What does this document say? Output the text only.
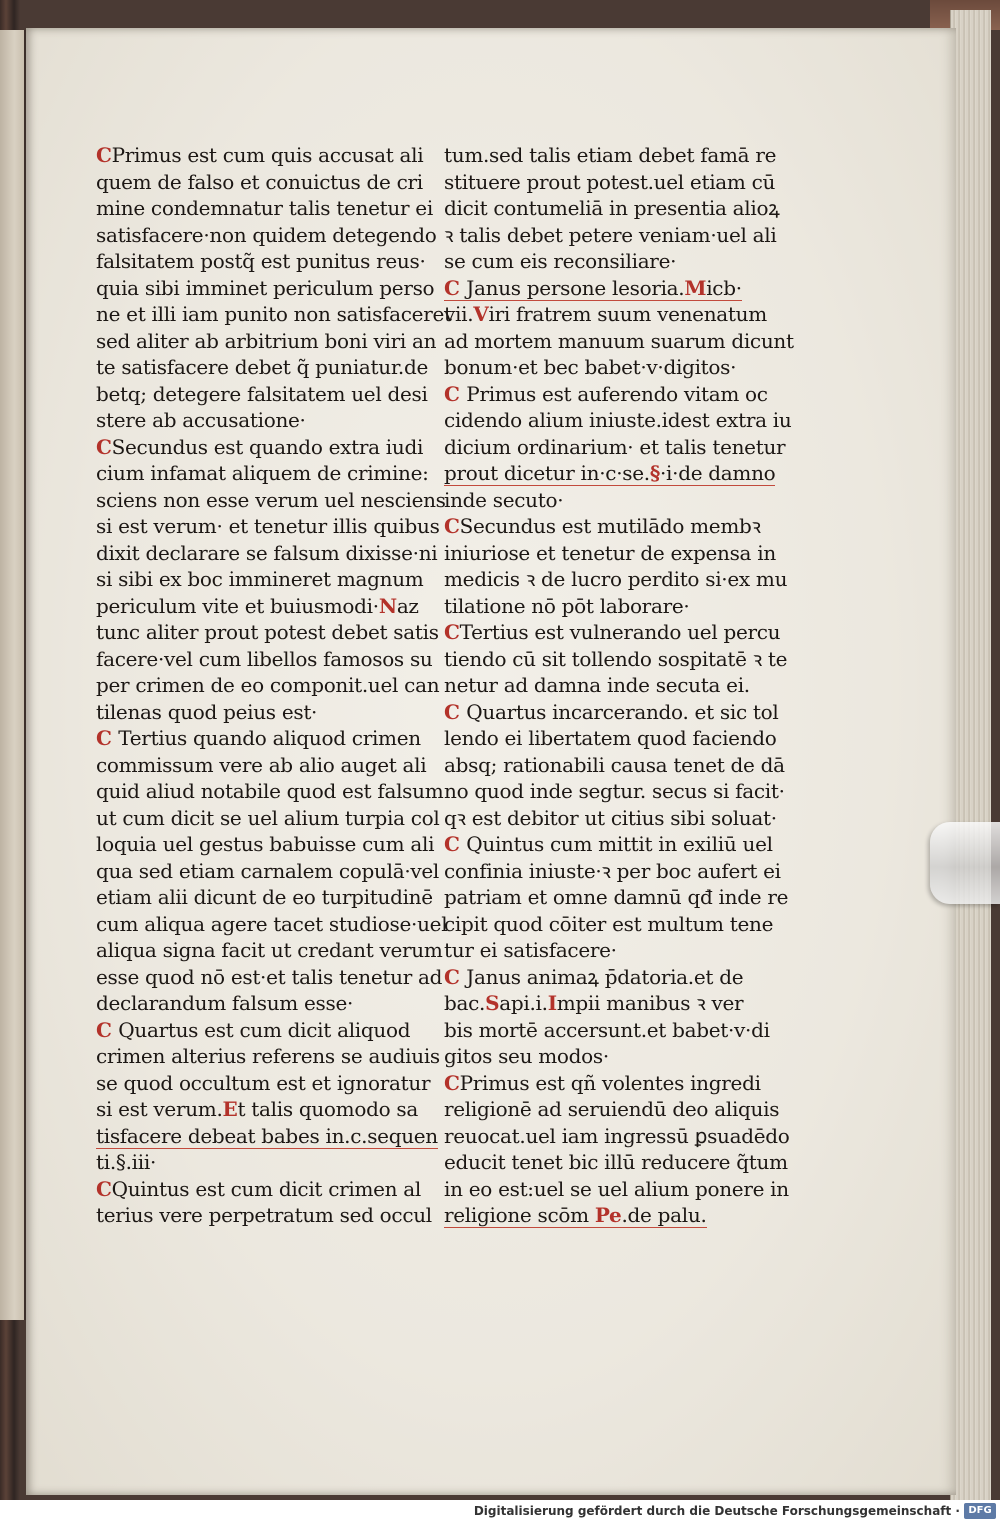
CPrimus est cum quis accusat ali
quem de falso et conuictus de cri
mine condemnatur talis tenetur ei
satisfacere·non quidem detegendo
falsitatem postq̃ est punitus reus·
quia sibi imminet periculum perso
ne et illi iam punito non satisfaceret
sed aliter ab arbitrium boni viri an
te satisfacere debet q̃ puniatur.de
betq; detegere falsitatem uel desi
stere ab accusatione·
CSecundus est quando extra iudi
cium infamat aliquem de crimine:
sciens non esse verum uel nesciens
si est verum· et tenetur illis quibus
dixit declarare se falsum dixisse·ni
si sibi ex boc immineret magnum
periculum vite et buiusmodi·Naz
tunc aliter prout potest debet satis
facere·vel cum libellos famosos su
per crimen de eo componit.uel can
tilenas quod peius est·
C Tertius quando aliquod crimen
commissum vere ab alio auget ali
quid aliud notabile quod est falsum
ut cum dicit se uel alium turpia col
loquia uel gestus babuisse cum ali
qua sed etiam carnalem copulā·vel
etiam alii dicunt de eo turpitudinē
cum aliqua agere tacet studiose·uel
aliqua signa facit ut credant verum
esse quod nō est·et talis tenetur ad
declarandum falsum esse·
C Quartus est cum dicit aliquod
crimen alterius referens se audiuis
se quod occultum est et ignoratur
si est verum.Et talis quomodo sa
tisfacere debeat babes in.c.sequen
ti.§.iii·
CQuintus est cum dicit crimen al
terius vere perpetratum sed occul
tum.sed talis etiam debet famā re
stituere prout potest.uel etiam cū
dicit contumeliā in presentia alioꝝ
ꝛ talis debet petere veniam·uel ali
se cum eis reconsiliare·
C Janus persone lesoria.Micb·
vii.Viri fratrem suum venenatum
ad mortem manuum suarum dicunt
bonum·et bec babet·v·digitos·
C Primus est auferendo vitam oc
cidendo alium iniuste.idest extra iu
dicium ordinarium· et talis tenetur
prout dicetur in·c·se.§·i·de damno
inde secuto·
CSecundus est mutilādo membꝛ
iniuriose et tenetur de expensa in
medicis ꝛ de lucro perdito si·ex mu
tilatione nō pōt laborare·
CTertius est vulnerando uel percu
tiendo cū sit tollendo sospitatē ꝛ te
netur ad damna inde secuta ei.
C Quartus incarcerando. et sic tol
lendo ei libertatem quod faciendo
absq; rationabili causa tenet de dā
no quod inde segtur. secus si facit·
qꝛ est debitor ut citius sibi soluat·
C Quintus cum mittit in exiliū uel
confinia iniuste·ꝛ per boc aufert ei
patriam et omne damnū qđ inde re
cipit quod cōiter est multum tene
tur ei satisfacere·
C Janus animaꝝ p̄datoria.et de
bac.Sapi.i.Impii manibus ꝛ ver
bis mortē accersunt.et babet·v·di
gitos seu modos·
CPrimus est qñ volentes ingredi
religionē ad seruiendū deo aliquis
reuocat.uel iam ingressū ꝑsuadēdo
educit tenet bic illū reducere q̃tum
in eo est:uel se uel alium ponere in
religione scōm Pe.de palu.
Digitalisierung gefördert durch die Deutsche Forschungsgemeinschaft · DFG
